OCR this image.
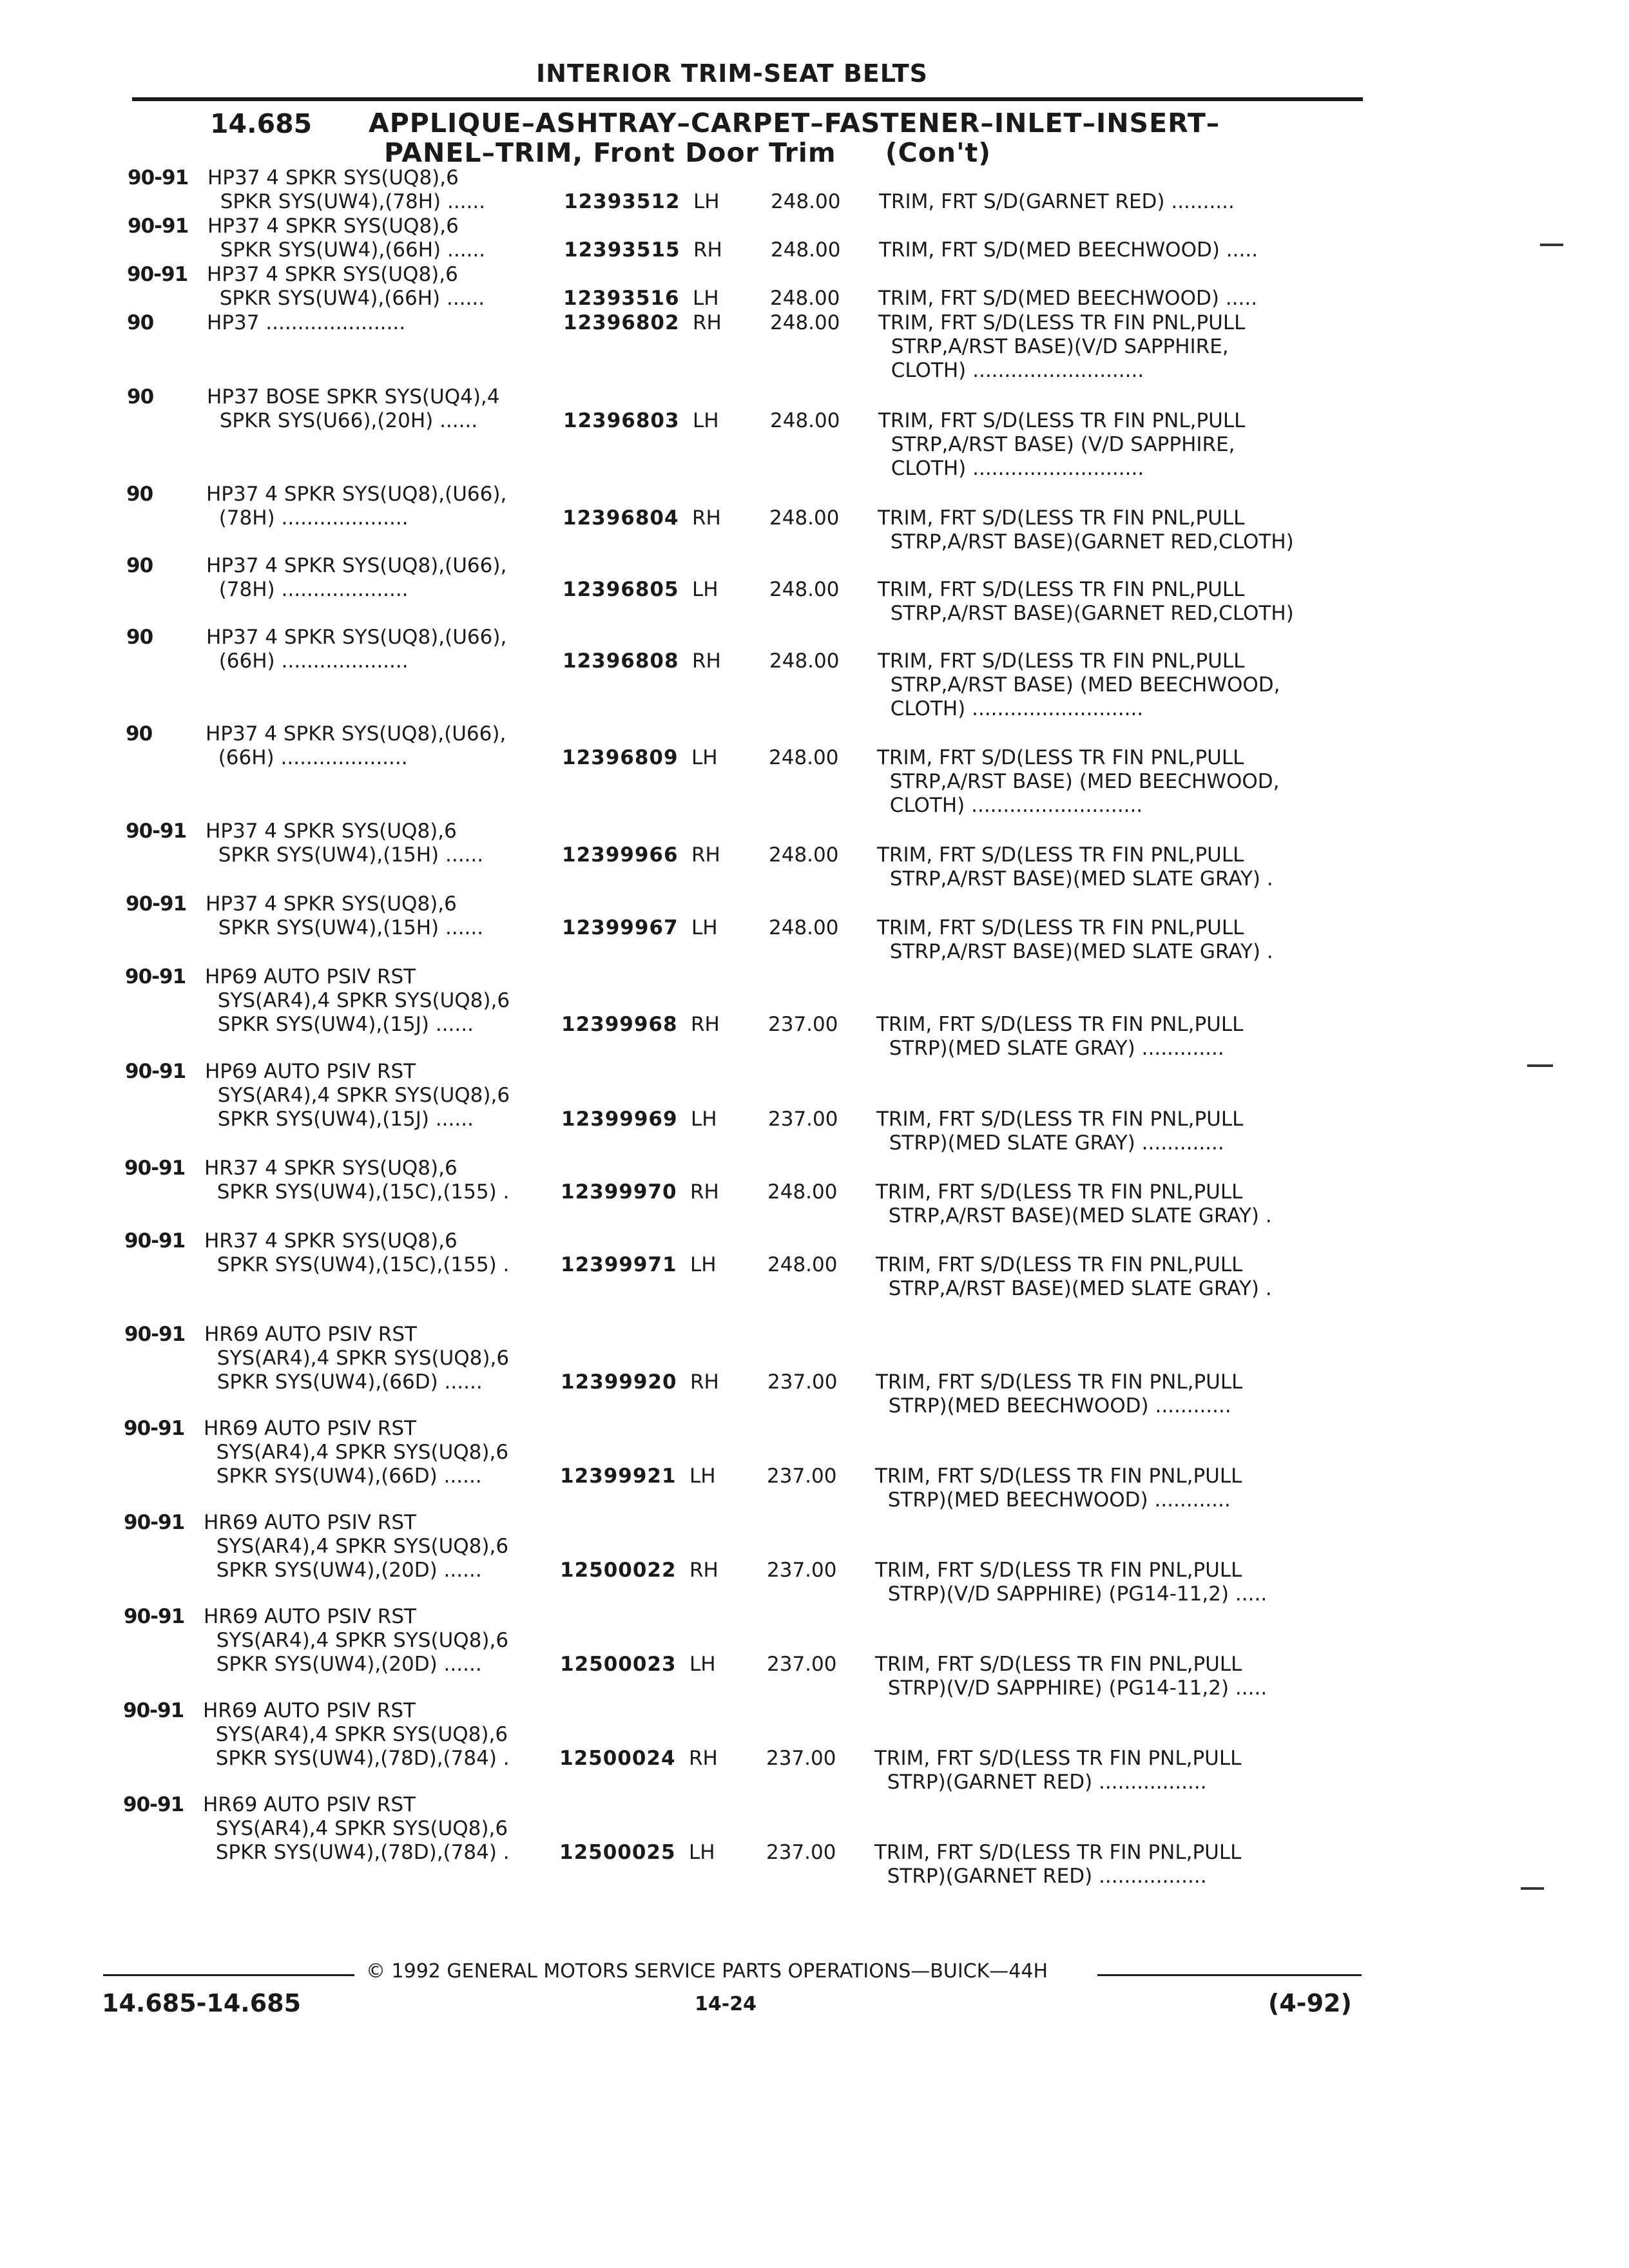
INTERIOR TRIM-SEAT BELTS
14.685 APPLIQUE–ASHTRAY–CARPET–FASTENER–INLET–INSERT–
PANEL–TRIM, Front Door Trim     (Con't)
90-91 HP37 4 SPKR SYS(UQ8),6
SPKR SYS(UW4),(78H) ......	12393512 LH	248.00 TRIM, FRT S/D(GARNET RED) ..........
90-91 HP37 4 SPKR SYS(UQ8),6
SPKR SYS(UW4),(66H) ......	12393515 RH 248.00 TRIM, FRT S/D(MED BEECHWOOD) .....
90-91 HP37 4 SPKR SYS(UQ8),6
SPKR SYS(UW4),(66H) ......	12393516 LH	248.00 TRIM, FRT S/D(MED BEECHWOOD) .....
90	HP37 ......................	12396802 RH 248.00 TRIM, FRT S/D(LESS TR FIN PNL,PULL
STRP,A/RST BASE)(V/D SAPPHIRE,
CLOTH) ...........................
90	HP37 BOSE SPKR SYS(UQ4),4
SPKR SYS(U66),(20H) ......	12396803 LH	248.00 TRIM, FRT S/D(LESS TR FIN PNL,PULL
STRP,A/RST BASE) (V/D SAPPHIRE,
CLOTH) ...........................
90	HP37 4 SPKR SYS(UQ8),(U66),
(78H) ....................	12396804 RH 248.00 TRIM, FRT S/D(LESS TR FIN PNL,PULL
STRP,A/RST BASE)(GARNET RED,CLOTH)
90	HP37 4 SPKR SYS(UQ8),(U66),
(78H) ....................	12396805 LH	248.00 TRIM, FRT S/D(LESS TR FIN PNL,PULL
STRP,A/RST BASE)(GARNET RED,CLOTH)
90	HP37 4 SPKR SYS(UQ8),(U66),
(66H) ....................	12396808 RH 248.00 TRIM, FRT S/D(LESS TR FIN PNL,PULL
STRP,A/RST BASE) (MED BEECHWOOD,
CLOTH) ...........................
90	HP37 4 SPKR SYS(UQ8),(U66),
(66H) ....................	12396809 LH	248.00 TRIM, FRT S/D(LESS TR FIN PNL,PULL
STRP,A/RST BASE) (MED BEECHWOOD,
CLOTH) ...........................
90-91 HP37 4 SPKR SYS(UQ8),6
SPKR SYS(UW4),(15H) ......	12399966 RH 248.00 TRIM, FRT S/D(LESS TR FIN PNL,PULL
STRP,A/RST BASE)(MED SLATE GRAY) .
90-91 HP37 4 SPKR SYS(UQ8),6
SPKR SYS(UW4),(15H) ......	12399967 LH	248.00 TRIM, FRT S/D(LESS TR FIN PNL,PULL
STRP,A/RST BASE)(MED SLATE GRAY) .
90-91 HP69 AUTO PSIV RST
SYS(AR4),4 SPKR SYS(UQ8),6
SPKR SYS(UW4),(15J) ......	12399968 RH 237.00 TRIM, FRT S/D(LESS TR FIN PNL,PULL
STRP)(MED SLATE GRAY) .............
90-91 HP69 AUTO PSIV RST
SYS(AR4),4 SPKR SYS(UQ8),6
SPKR SYS(UW4),(15J) ......	12399969 LH	237.00 TRIM, FRT S/D(LESS TR FIN PNL,PULL
STRP)(MED SLATE GRAY) .............
90-91 HR37 4 SPKR SYS(UQ8),6
SPKR SYS(UW4),(15C),(155) .	12399970 RH 248.00 TRIM, FRT S/D(LESS TR FIN PNL,PULL
STRP,A/RST BASE)(MED SLATE GRAY) .
90-91 HR37 4 SPKR SYS(UQ8),6
SPKR SYS(UW4),(15C),(155) .	12399971 LH	248.00 TRIM, FRT S/D(LESS TR FIN PNL,PULL
STRP,A/RST BASE)(MED SLATE GRAY) .
90-91 HR69 AUTO PSIV RST
SYS(AR4),4 SPKR SYS(UQ8),6
SPKR SYS(UW4),(66D) ......	12399920 RH 237.00 TRIM, FRT S/D(LESS TR FIN PNL,PULL
STRP)(MED BEECHWOOD) ............
90-91 HR69 AUTO PSIV RST
SYS(AR4),4 SPKR SYS(UQ8),6
SPKR SYS(UW4),(66D) ......	12399921 LH	237.00 TRIM, FRT S/D(LESS TR FIN PNL,PULL
STRP)(MED BEECHWOOD) ............
90-91 HR69 AUTO PSIV RST
SYS(AR4),4 SPKR SYS(UQ8),6
SPKR SYS(UW4),(20D) ......	12500022 RH 237.00 TRIM, FRT S/D(LESS TR FIN PNL,PULL
STRP)(V/D SAPPHIRE) (PG14-11,2) .....
90-91 HR69 AUTO PSIV RST
SYS(AR4),4 SPKR SYS(UQ8),6
SPKR SYS(UW4),(20D) ......	12500023 LH	237.00 TRIM, FRT S/D(LESS TR FIN PNL,PULL
STRP)(V/D SAPPHIRE) (PG14-11,2) .....
90-91 HR69 AUTO PSIV RST
SYS(AR4),4 SPKR SYS(UQ8),6
SPKR SYS(UW4),(78D),(784) . 12500024 RH 237.00 TRIM, FRT S/D(LESS TR FIN PNL,PULL
STRP)(GARNET RED) .................
90-91 HR69 AUTO PSIV RST
SYS(AR4),4 SPKR SYS(UQ8),6
SPKR SYS(UW4),(78D),(784) . 12500025 LH	237.00 TRIM, FRT S/D(LESS TR FIN PNL,PULL
STRP)(GARNET RED) .................
© 1992 GENERAL MOTORS SERVICE PARTS OPERATIONS—BUICK—44H
14.685-14.685	14-24	(4-92)
